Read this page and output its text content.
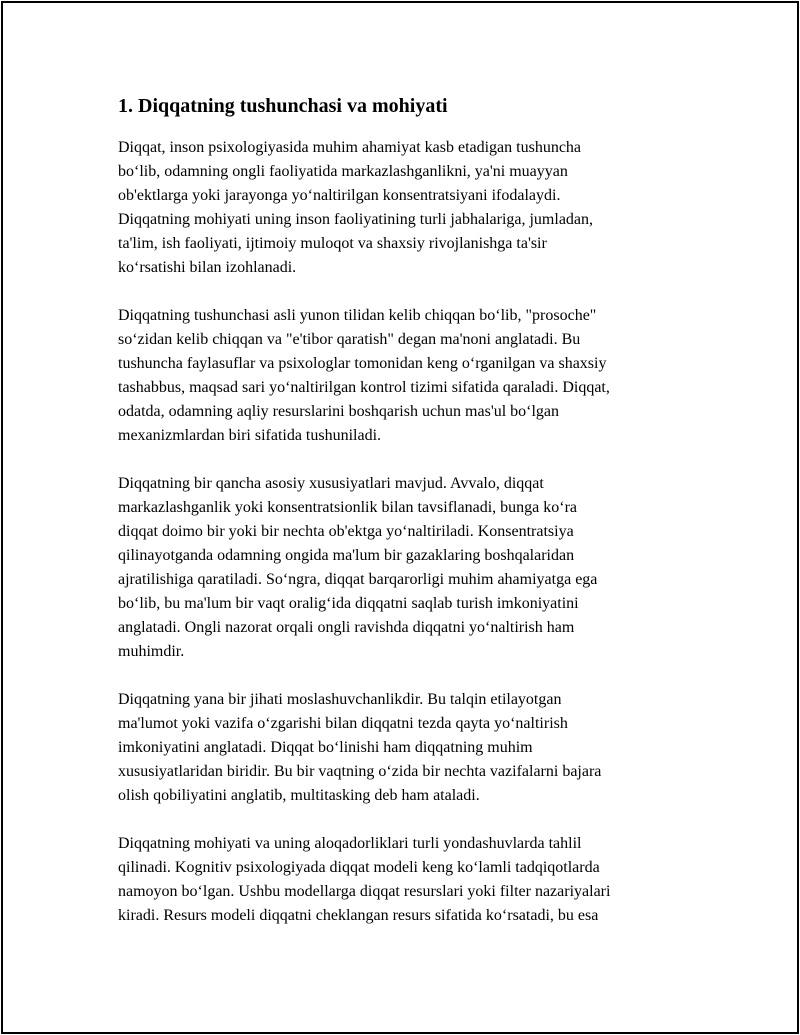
1. Diqqatning tushunchasi va mohiyati

Diqqat, inson psixologiyasida muhim ahamiyat kasb etadigan tushuncha
bo‘lib, odamning ongli faoliyatida markazlashganlikni, ya'ni muayyan
ob'ektlarga yoki jarayonga yo‘naltirilgan konsentratsiyani ifodalaydi.
Diqqatning mohiyati uning inson faoliyatining turli jabhalariga, jumladan,
ta'lim, ish faoliyati, ijtimoiy muloqot va shaxsiy rivojlanishga ta'sir
ko‘rsatishi bilan izohlanadi.

Diqqatning tushunchasi asli yunon tilidan kelib chiqqan bo‘lib, "prosoche"
so‘zidan kelib chiqqan va "e'tibor qaratish" degan ma'noni anglatadi. Bu
tushuncha faylasuflar va psixologlar tomonidan keng o‘rganilgan va shaxsiy
tashabbus, maqsad sari yo‘naltirilgan kontrol tizimi sifatida qaraladi. Diqqat,
odatda, odamning aqliy resurslarini boshqarish uchun mas'ul bo‘lgan
mexanizmlardan biri sifatida tushuniladi.

Diqqatning bir qancha asosiy xususiyatlari mavjud. Avvalo, diqqat
markazlashganlik yoki konsentratsionlik bilan tavsiflanadi, bunga ko‘ra
diqqat doimo bir yoki bir nechta ob'ektga yo‘naltiriladi. Konsentratsiya
qilinayotganda odamning ongida ma'lum bir gazaklaring boshqalaridan
ajratilishiga qaratiladi. So‘ngra, diqqat barqarorligi muhim ahamiyatga ega
bo‘lib, bu ma'lum bir vaqt oralig‘ida diqqatni saqlab turish imkoniyatini
anglatadi. Ongli nazorat orqali ongli ravishda diqqatni yo‘naltirish ham
muhimdir.

Diqqatning yana bir jihati moslashuvchanlikdir. Bu talqin etilayotgan
ma'lumot yoki vazifa o‘zgarishi bilan diqqatni tezda qayta yo‘naltirish
imkoniyatini anglatadi. Diqqat bo‘linishi ham diqqatning muhim
xususiyatlaridan biridir. Bu bir vaqtning o‘zida bir nechta vazifalarni bajara
olish qobiliyatini anglatib, multitasking deb ham ataladi.

Diqqatning mohiyati va uning aloqadorliklari turli yondashuvlarda tahlil
qilinadi. Kognitiv psixologiyada diqqat modeli keng ko‘lamli tadqiqotlarda
namoyon bo‘lgan. Ushbu modellarga diqqat resurslari yoki filter nazariyalari
kiradi. Resurs modeli diqqatni cheklangan resurs sifatida ko‘rsatadi, bu esa
